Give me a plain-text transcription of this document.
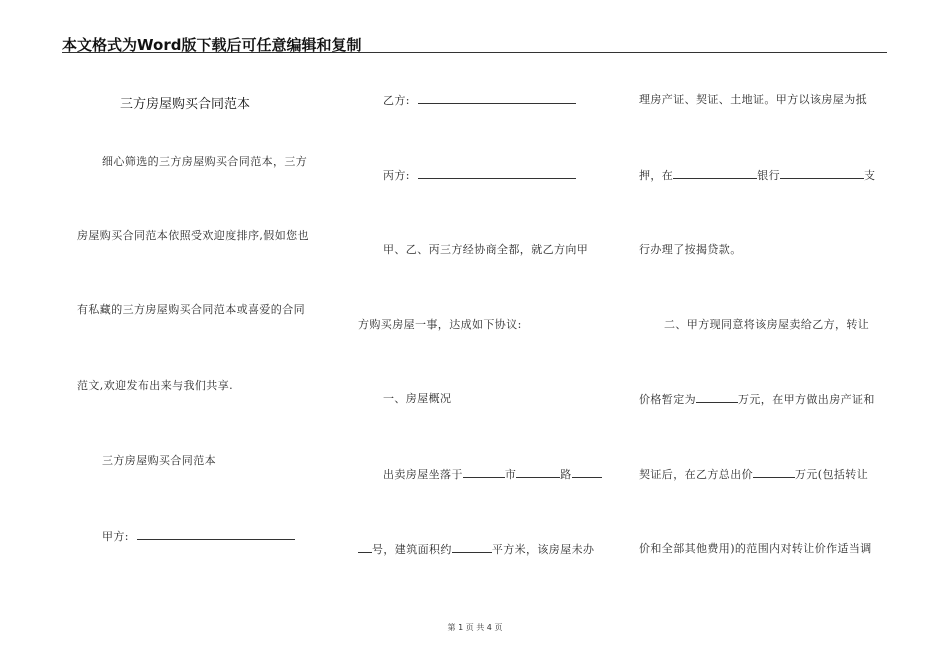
本文格式为Word版下载后可任意编辑和复制
三方房屋购买合同范本
细心筛选的三方房屋购买合同范本，三方
房屋购买合同范本依照受欢迎度排序,假如您也
有私藏的三方房屋购买合同范本或喜爱的合同
范文,欢迎发布出来与我们共享.
三方房屋购买合同范本
甲方:
乙方:
丙方:
甲、乙、丙三方经协商全都，就乙方向甲
方购买房屋一事，达成如下协议:
一、房屋概况
出卖房屋坐落于	市	路
号，建筑面积约	平方米，该房屋未办
理房产证、契证、土地证。甲方以该房屋为抵
押，在	银行	支
行办理了按揭贷款。
二、甲方现同意将该房屋卖给乙方，转让
价格暂定为	万元，在甲方做出房产证和
契证后，在乙方总出价	万元(包括转让
价和全部其他费用)的范围内对转让价作适当调
第 1 页 共 4 页
